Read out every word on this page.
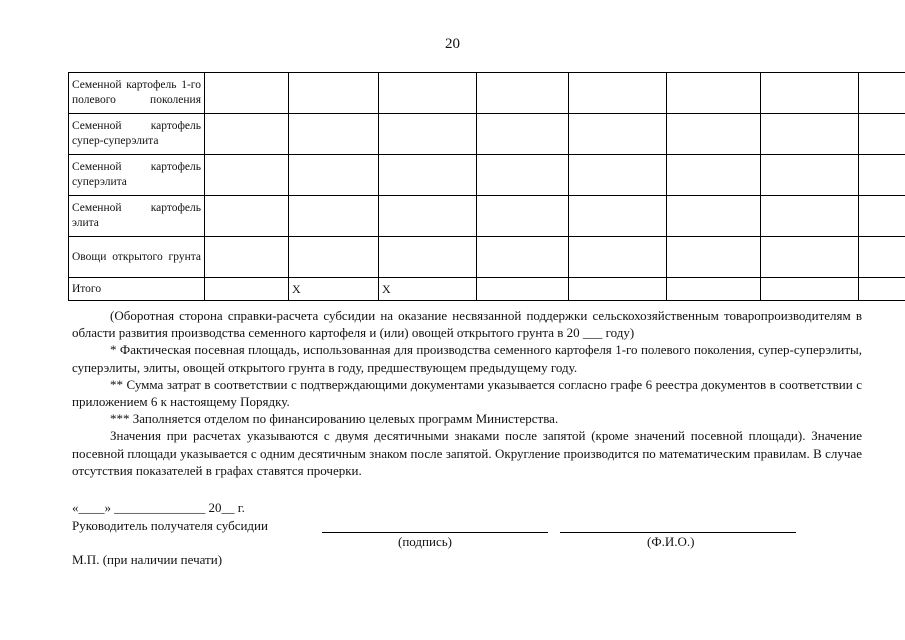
20
Семенной картофель 1-го полевого поколения								
Семенной картофель супер-суперэлита								
Семенной картофель суперэлита								
Семенной картофель элита								
Овощи открытого грунта								
Итого		X	X					

(Оборотная сторона справки-расчета субсидии на оказание несвязанной поддержки сельскохозяйственным товаропроизводителям в области развития производства семенного картофеля и (или) овощей открытого грунта в 20 ___ году)

* Фактическая посевная площадь, использованная для производства семенного картофеля 1-го полевого поколения, супер-суперэлиты, суперэлиты, элиты, овощей открытого грунта в году, предшествующем предыдущему году.

** Сумма затрат в соответствии с подтверждающими документами указывается согласно графе 6 реестра документов в соответствии с приложением 6 к настоящему Порядку.

*** Заполняется отделом по финансированию целевых программ Министерства.

Значения при расчетах указываются с двумя десятичными знаками после запятой (кроме значений посевной площади). Значение посевной площади указывается с одним десятичным знаком после запятой. Округление производится по математическим правилам. В случае отсутствия показателей в графах ставятся прочерки.

«____» ______________ 20__ г.
Руководитель получателя субсидии
(подпись)	(Ф.И.О.)
М.П. (при наличии печати)
